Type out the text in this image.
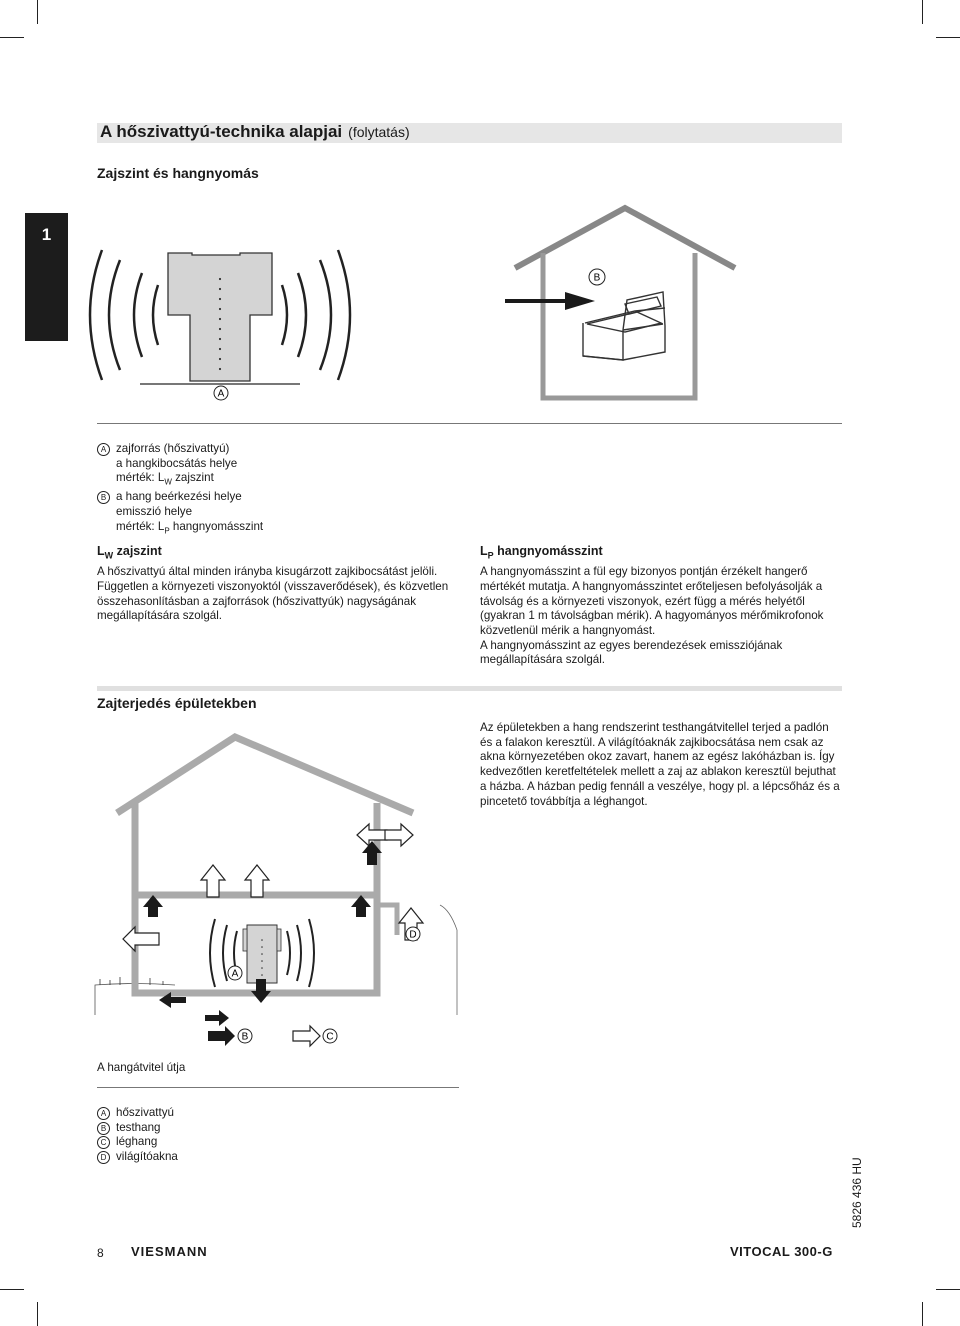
A hőszivattyú-technika alapjai (folytatás)
Zajszint és hangnyomás
1
A
B
A zajforrás (hőszivattyú)
a hangkibocsátás helye
mérték: $L_W$ zajszint
B a hang beérkezési helye
emisszió helye
mérték: $L_P$ hangnyomásszint

$L_W$ zajszint

A hőszivattyú által minden irányba kisugárzott zajkibocsátást jelöli. Független a környezeti viszonyoktól (visszaverődések), és közvetlen összehasonlításban a zajforrások (hőszivattyúk) nagyságának megállapítására szolgál.

$L_P$ hangnyomásszint

A hangnyomásszint a fül egy bizonyos pontján érzékelt hangerő mértékét mutatja. A hangnyomásszintet erőteljesen befolyásolják a távolság és a környezeti viszonyok, ezért függ a mérés helyétől (gyakran 1 m távolságban mérik). A hagyományos mérőmikrofonok közvetlenül mérik a hangnyomást.

A hangnyomásszint az egyes berendezések emissziójának megállapítására szolgál.

Zajterjedés épületekben
A
D
B	C
Az épületekben a hang rendszerint testhangátvitellel terjed a padlón és a falakon keresztül. A világítóaknák zajkibocsátása nem csak az akna környezetében okoz zavart, hanem az egész lakóházban is. Így kedvezőtlen keretfeltételek mellett a zaj az ablakon keresztül bejuthat a házba. A házban pedig fennáll a veszélye, hogy pl. a lépcsőház és a pincetető továbbítja a léghangot.
A hangátvitel útja
A hőszivattyú
B testhang
C léghang
D világítóakna
5826 436 HU
8 VIESMANN	VITOCAL 300-G
